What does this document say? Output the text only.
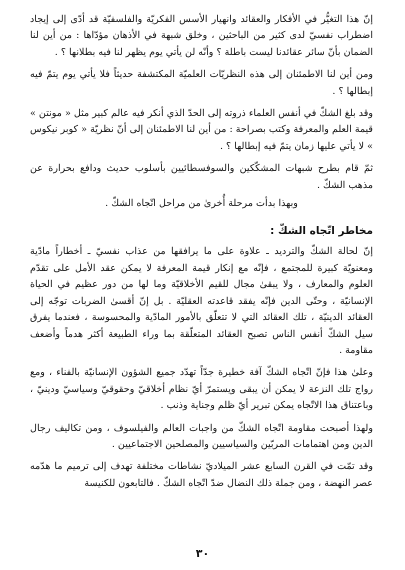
إنّ هذا التغيُّر في الأفكار والعقائد وانهيار الأسس الفكريّة والفلسفيّة قد أدّى إلى إيجاد اضطراب نفسيّ لدى كثير من الباحثين ، وخلق شبهة في الأذهان مؤدّاها : من أين لنا الضمان بأنّ سائر عقائدنا ليست باطلة ؟ وأنّه لن يأتي يوم يظهر لنا فيه بطلانها ؟ .

ومن أين لنا الاطمئنان إلى هذه النظريّات العلميّة المكتشفة حديثاً فلا يأتي يوم يتمّ فيه إبطالها ؟ .

وقد بلغ الشكّ في أنفس العلماء ذروته إلى الحدّ الذي أنكر فيه عالم كبير مثل « مونتن » قيمة العلم والمعرفة وكتب بصراحة : من أين لنا الاطمئنان إلى أنّ نظريّة « كوبر نيكوس » لا يأتي عليها زمان يتمّ فيه إبطالها ؟ .

ثمّ قام بطرح شبهات المشكّكين والسوفسطائيين بأسلوب حديث ودافع بحرارة عن مذهب الشكّ .

وبهذا بدأت مرحلة أُخرىٰ من مراحل اتّجاه الشكّ .

مخاطر اتّجاه الشكّ :

إنّ لحالة الشكّ والترديد ـ علاوة على ما يرافقها من عذاب نفسيّ ـ أخطاراً مادّية ومعنويّة كبيرة للمجتمع ، فإنّه مع إنكار قيمة المعرفة لا يمكن عقد الأمل على تقدّم العلوم والمعارف ، ولا يبقىٰ مجال للقيم الأخلاقيّة وما لها من دور عظيم في الحياة الإنسانيّة ، وحتّى الدين فإنّه يفقد قاعدته العقليّة . بل إنّ أقسىٰ الضربات توجّه إلى العقائد الدينيّة ، تلك العقائد التي لا تتعلّق بالأمور المادّية والمحسوسة ، فعندما يفرق سيل الشكّ أنفس الناس تصبح العقائد المتعلّقة بما وراء الطبيعة أكثر هدماً وأضعف مقاومة .

وعلىٰ هذا فإنّ اتّجاه الشكّ آفة خطيرة جدّاً تهدّد جميع الشؤون الإنسانيّة بالفناء ، ومع رواج تلك النزعة لا يمكن أن يبقى ويستمرّ أيّ نظام أخلاقيّ وحقوقيّ وسياسيّ ودينيّ ، وباعتناق هذا الاتّجاه يمكن تبرير أيّ ظلم وجناية وذنب .

ولهذا أصبحت مقاومة اتّجاه الشكّ من واجبات العالم والفيلسوف ، ومن تكاليف رجال الدين ومن اهتمامات المربّين والسياسيين والمصلحين الاجتماعيين .

وقد تمّت في القرن السابع عشر الميلاديّ نشاطات مختلفة تهدف إلى ترميم ما هدّمه عصر النهضة ، ومن جملة ذلك النضال ضدّ اتّجاه الشكّ . فالتابعون للكنيسة

٣٠
